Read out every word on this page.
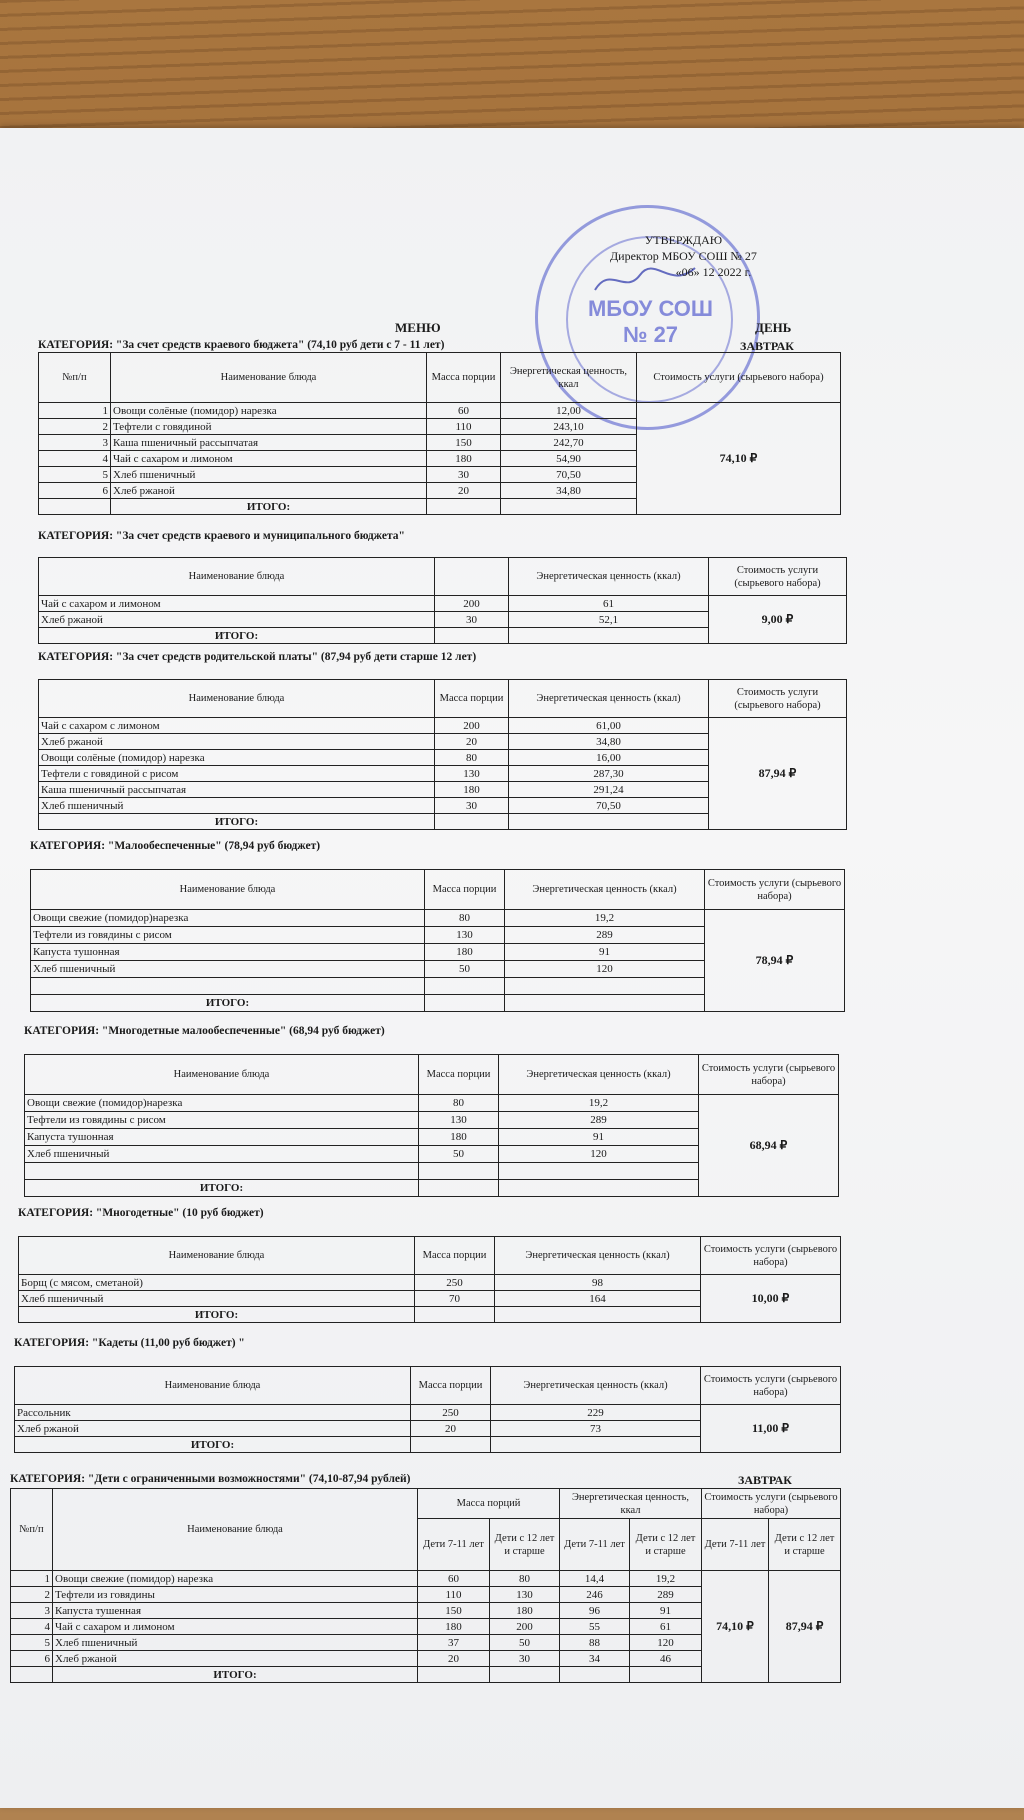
МБОУ СОШ
№ 27
УТВЕРЖДАЮ
Директор МБОУ СОШ № 27
«06» 12 2022 г.
МЕНЮ	ДЕНЬ
КАТЕГОРИЯ: "За счет средств краевого бюджета" (74,10 руб дети с 7 - 11 лет)	ЗАВТРАК
№п/п	Наименование блюда	Масса порции	Энергетическая ценность, ккал	Стоимость услуги (сырьевого набора)
1	Овощи солёные (помидор) нарезка	60	12,00	74,10 ₽
2	Тефтели с говядиной	110	243,10	
3	Каша пшеничный рассыпчатая	150	242,70	
4	Чай с сахаром и лимоном	180	54,90	
5	Хлеб пшеничный	30	70,50	
6	Хлеб ржаной	20	34,80	
	ИТОГО:			
КАТЕГОРИЯ: "За счет средств краевого и муниципального бюджета"
	Наименование блюда		Энергетическая ценность (ккал)	Стоимость услуги (сырьевого набора)
	Чай с сахаром и лимоном	200	61	9,00 ₽
	Хлеб ржаной	30	52,1	
	ИТОГО:			
КАТЕГОРИЯ: "За счет средств родительской платы" (87,94 руб дети старше 12 лет)
	Наименование блюда	Масса порции	Энергетическая ценность (ккал)	Стоимость услуги (сырьевого набора)
	Чай с сахаром с лимоном	200	61,00	87,94 ₽
	Хлеб ржаной	20	34,80	
	Овощи солёные (помидор) нарезка	80	16,00	
	Тефтели с говядиной с рисом	130	287,30	
	Каша пшеничный рассыпчатая	180	291,24	
	Хлеб пшеничный	30	70,50	
	ИТОГО:			
КАТЕГОРИЯ: "Малообеспеченные" (78,94 руб бюджет)
	Наименование блюда	Масса порции	Энергетическая ценность (ккал)	Стоимость услуги (сырьевого набора)
	Овощи свежие (помидор)нарезка	80	19,2	78,94 ₽
	Тефтели из говядины с рисом	130	289	
	Капуста тушонная	180	91	
	Хлеб пшеничный	50	120	

	ИТОГО:			
КАТЕГОРИЯ: "Многодетные малообеспеченные" (68,94 руб бюджет)
	Наименование блюда	Масса порции	Энергетическая ценность (ккал)	Стоимость услуги (сырьевого набора)
	Овощи свежие (помидор)нарезка	80	19,2	68,94 ₽
	Тефтели из говядины с рисом	130	289	
	Капуста тушонная	180	91	
	Хлеб пшеничный	50	120	

	ИТОГО:			
КАТЕГОРИЯ: "Многодетные" (10 руб бюджет)
	Наименование блюда	Масса порции	Энергетическая ценность (ккал)	Стоимость услуги (сырьевого набора)
	Борщ (с мясом, сметаной)	250	98	10,00 ₽
	Хлеб пшеничный	70	164	
	ИТОГО:			
КАТЕГОРИЯ: "Кадеты (11,00 руб бюджет) "
	Наименование блюда	Масса порции	Энергетическая ценность (ккал)	Стоимость услуги (сырьевого набора)
	Рассольник	250	229	11,00 ₽
	Хлеб ржаной	20	73	
	ИТОГО:			
КАТЕГОРИЯ: "Дети с ограниченными возможностями" (74,10-87,94 рублей)	ЗАВТРАК
№п/п	Наименование блюда	Масса порций		Энергетическая ценность, ккал		Стоимость услуги (сырьевого набора)	
		Дети 7-11 лет	Дети с 12 лет и старше	Дети 7-11 лет	Дети с 12 лет и старше	Дети 7-11 лет	Дети с 12 лет и старше
1	Овощи свежие (помидор) нарезка	60	80	14,4	19,2	74,10 ₽	87,94 ₽
2	Тефтели из говядины	110	130	246	289		
3	Капуста тушенная	150	180	96	91		
4	Чай с сахаром и лимоном	180	200	55	61		
5	Хлеб пшеничный	37	50	88	120		
6	Хлеб ржаной	20	30	34	46		
	ИТОГО:						
